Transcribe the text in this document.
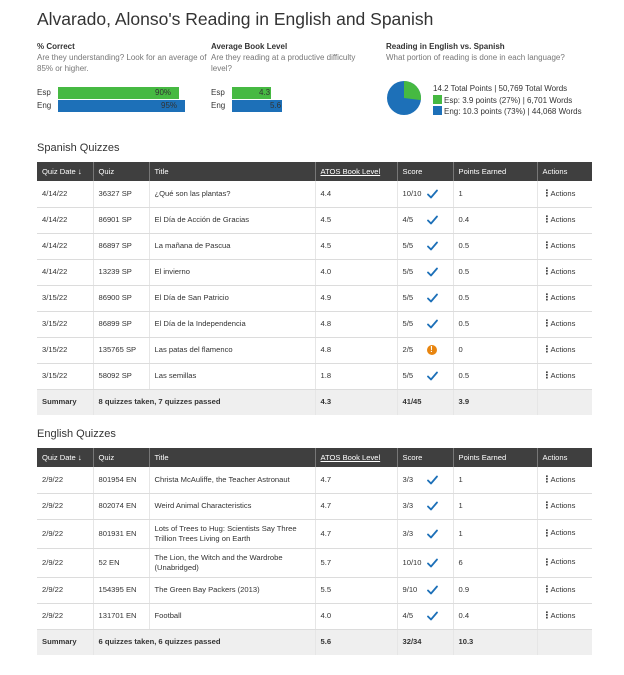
Alvarado, Alonso's Reading in English and Spanish
% Correct
Are they understanding? Look for an average of 85% or higher.
Esp	90%
Eng	95%
Average Book Level
Are they reading at a productive difficulty level?
Esp	4.3
Eng	5.6
Reading in English vs. Spanish
What portion of reading is done in each language?
14.2 Total Points | 50,769 Total Words
Esp: 3.9 points (27%) | 6,701 Words
Eng: 10.3 points (73%) | 44,068 Words
Spanish Quizzes
Quiz Date ↓	Quiz	Title	ATOS Book Level	Score	Points Earned	Actions
4/14/22	36327 SP	¿Qué son las plantas?	4.4	10/10	1	⋮ Actions

4/14/22	86901 SP	El Día de Acción de Gracias	4.5	4/5	0.4	⋮ Actions

4/14/22	86897 SP	La mañana de Pascua	4.5	5/5	0.5	⋮ Actions

4/14/22	13239 SP	El invierno	4.0	5/5	0.5	⋮ Actions

3/15/22	86900 SP	El Día de San Patricio	4.9	5/5	0.5	⋮ Actions

3/15/22	86899 SP	El Día de la Independencia	4.8	5/5	0.5	⋮ Actions

3/15/22	135765 SP	Las patas del flamenco	4.8	2/5 !	0	⋮ Actions

3/15/22	58092 SP	Las semillas	1.8	5/5	0.5	⋮ Actions

Summary	8 quizzes taken, 7 quizzes passed		4.3	41/45	3.9	
English Quizzes
Quiz Date ↓	Quiz	Title	ATOS Book Level	Score	Points Earned	Actions
2/9/22	801954 EN	Christa McAuliffe, the Teacher Astronaut	4.7	3/3	1	⋮ Actions

2/9/22	802074 EN	Weird Animal Characteristics	4.7	3/3	1	⋮ Actions

2/9/22	801931 EN	Lots of Trees to Hug: Scientists Say Three Trillion Trees Living on Earth	4.7	3/3	1	⋮ Actions

2/9/22	52 EN	The Lion, the Witch and the Wardrobe (Unabridged)	5.7	10/10	6	⋮ Actions

2/9/22	154395 EN	The Green Bay Packers (2013)	5.5	9/10	0.9	⋮ Actions

2/9/22	131701 EN	Football	4.0	4/5	0.4	⋮ Actions

Summary	6 quizzes taken, 6 quizzes passed		5.6	32/34	10.3	
